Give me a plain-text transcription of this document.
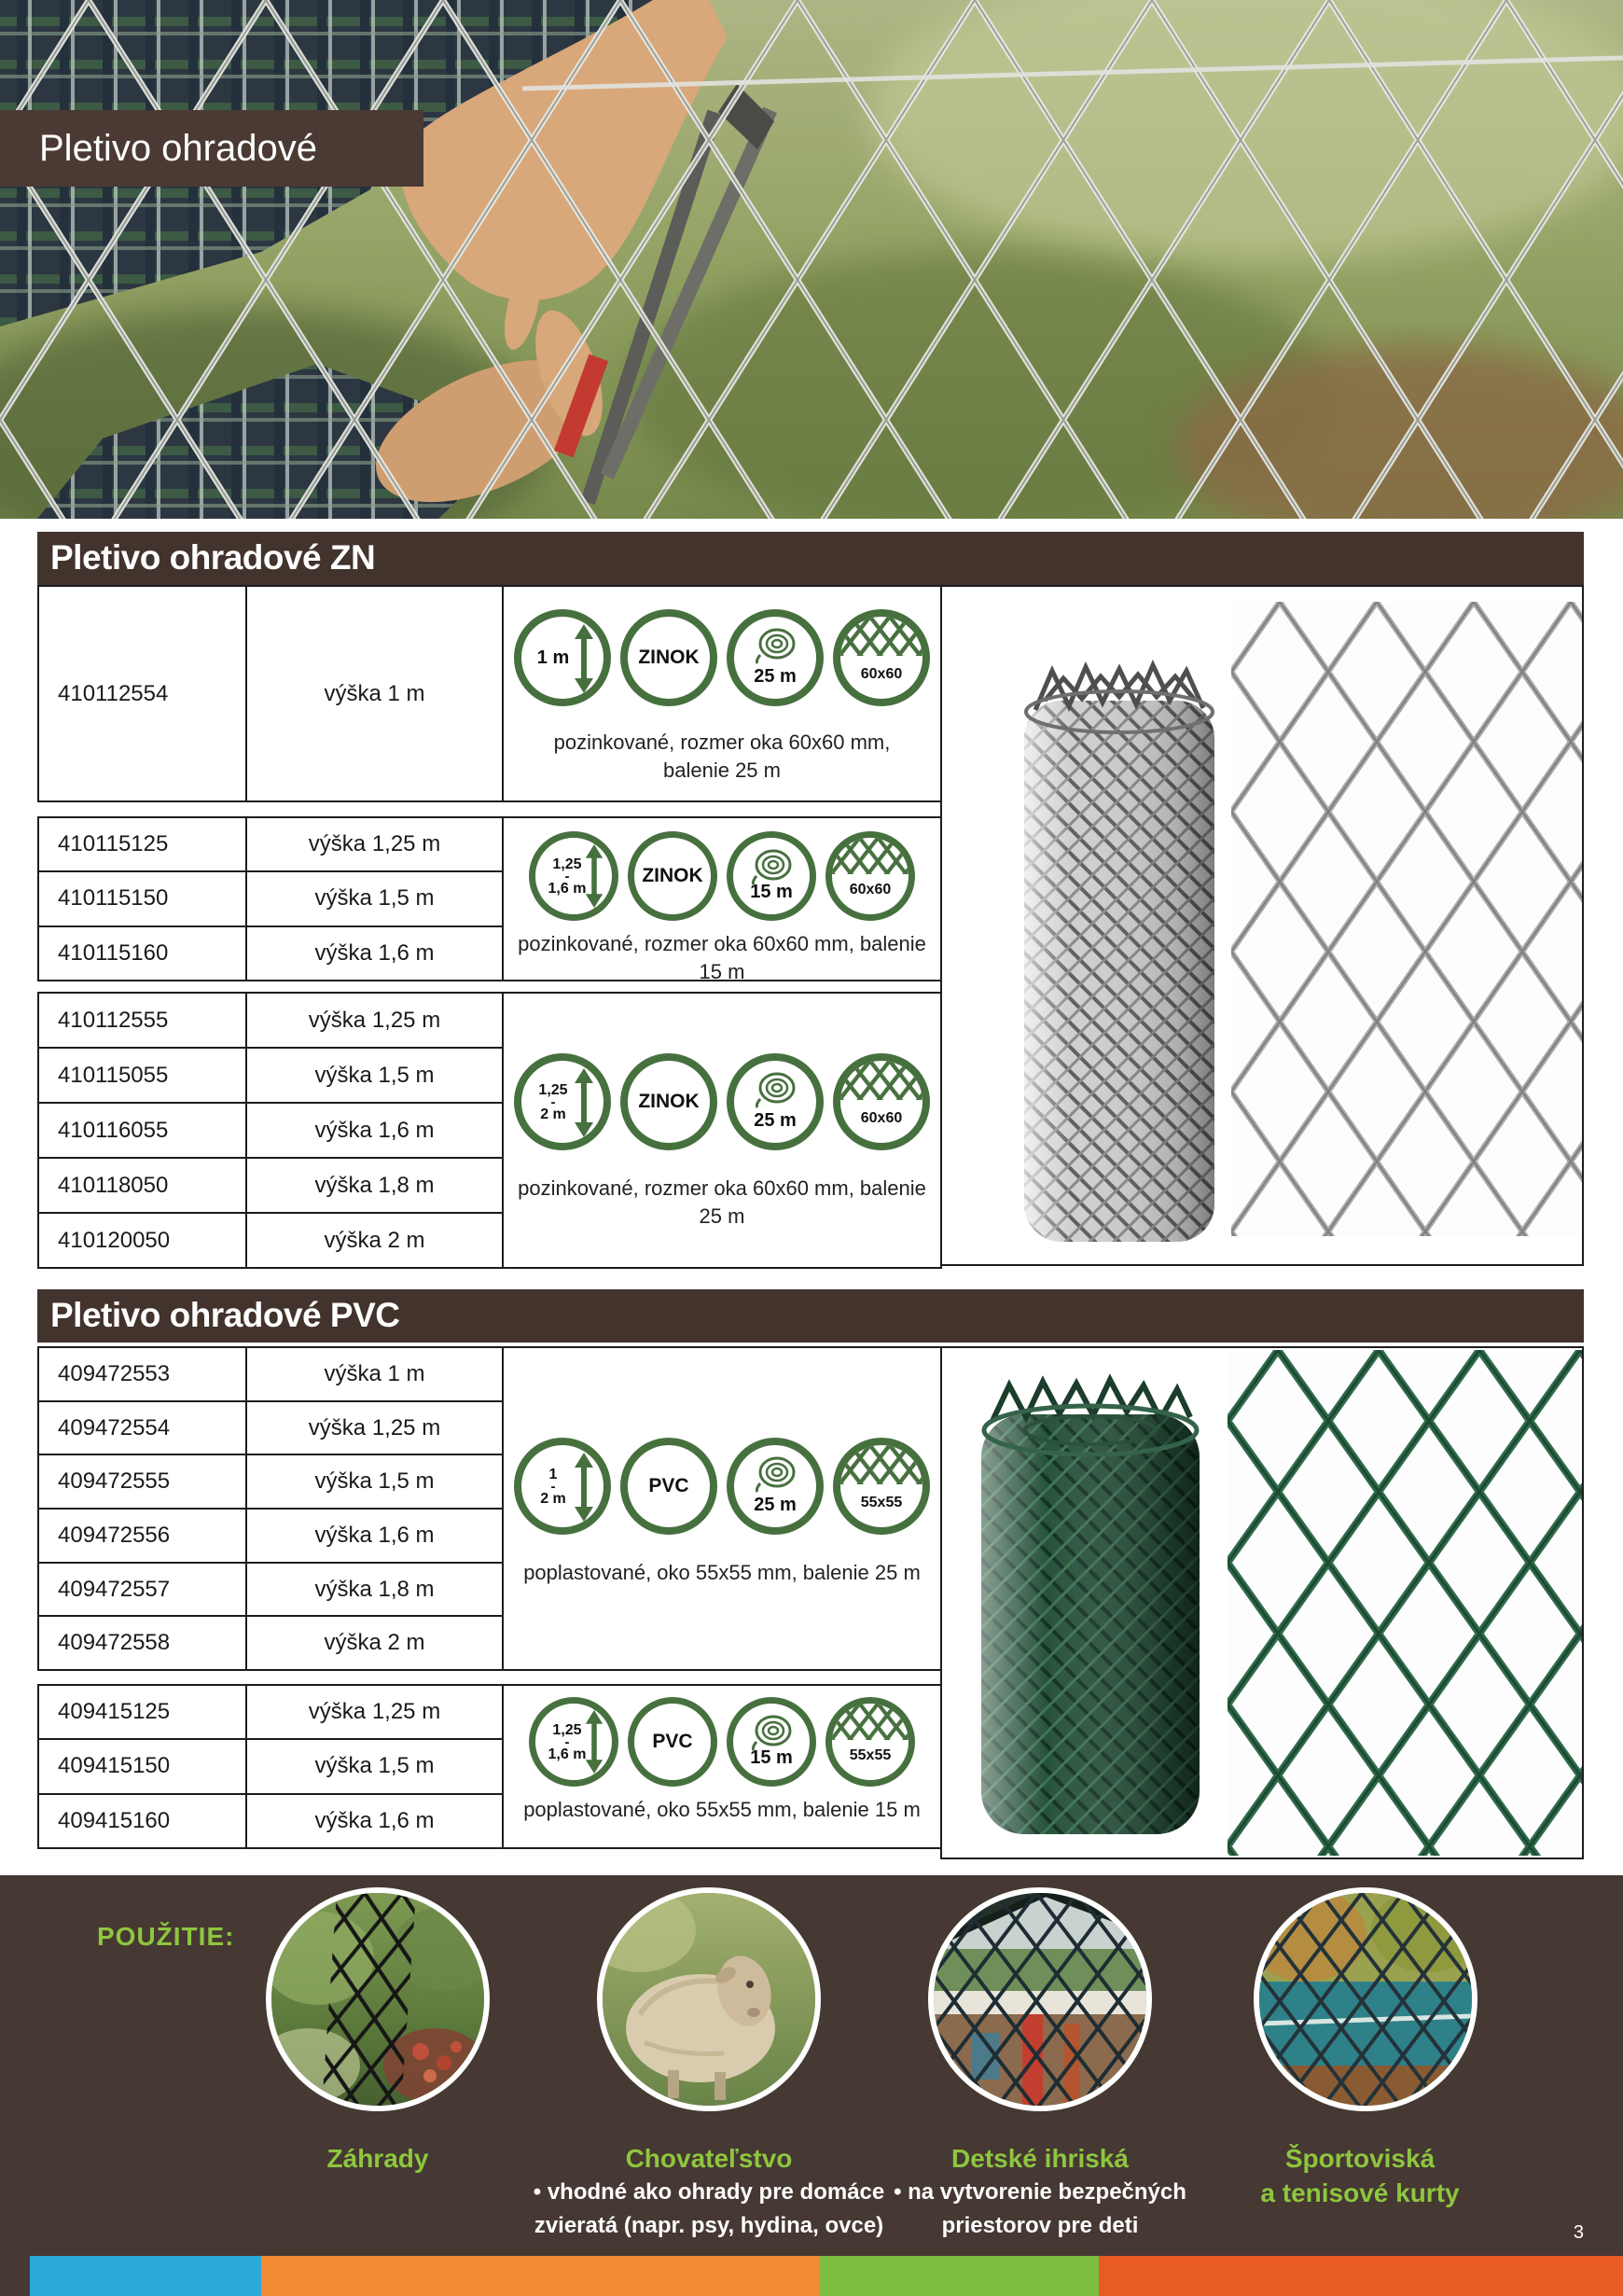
Pletivo ohradové
Pletivo ohradové ZN
410112554	výška 1 m
1 m	ZINOK
25 m	60x60
pozinkované, rozmer oka 60x60 mm,
balenie 25 m
410115125	výška 1,25 m
410115150	výška 1,5 m
410115160	výška 1,6 m
1,25
-
1,6 m
ZINOK
15 m	60x60
pozinkované, rozmer oka 60x60 mm, balenie 15 m
410112555	výška 1,25 m
410115055	výška 1,5 m
410116055	výška 1,6 m
410118050	výška 1,8 m
410120050	výška 2 m
1,25
-
2 m
ZINOK
25 m	60x60
pozinkované, rozmer oka 60x60 mm, balenie 25 m
Pletivo ohradové PVC
409472553	výška 1 m
409472554	výška 1,25 m
409472555	výška 1,5 m
409472556	výška 1,6 m
409472557	výška 1,8 m
409472558	výška 2 m
1
-
2 m
PVC
25 m	55x55
poplastované, oko 55x55 mm, balenie 25 m
409415125	výška 1,25 m
409415150	výška 1,5 m
409415160	výška 1,6 m
1,25
-
1,6 m
PVC
15 m	55x55
poplastované, oko 55x55 mm, balenie 15 m
POUŽITIE:
Záhrady	Chovateľstvo
• vhodné ako ohrady pre domáce
zvieratá (napr. psy, hydina, ovce)
Detské ihriská
• na vytvorenie bezpečných
priestorov pre deti
Športoviská
a tenisové kurty
3
